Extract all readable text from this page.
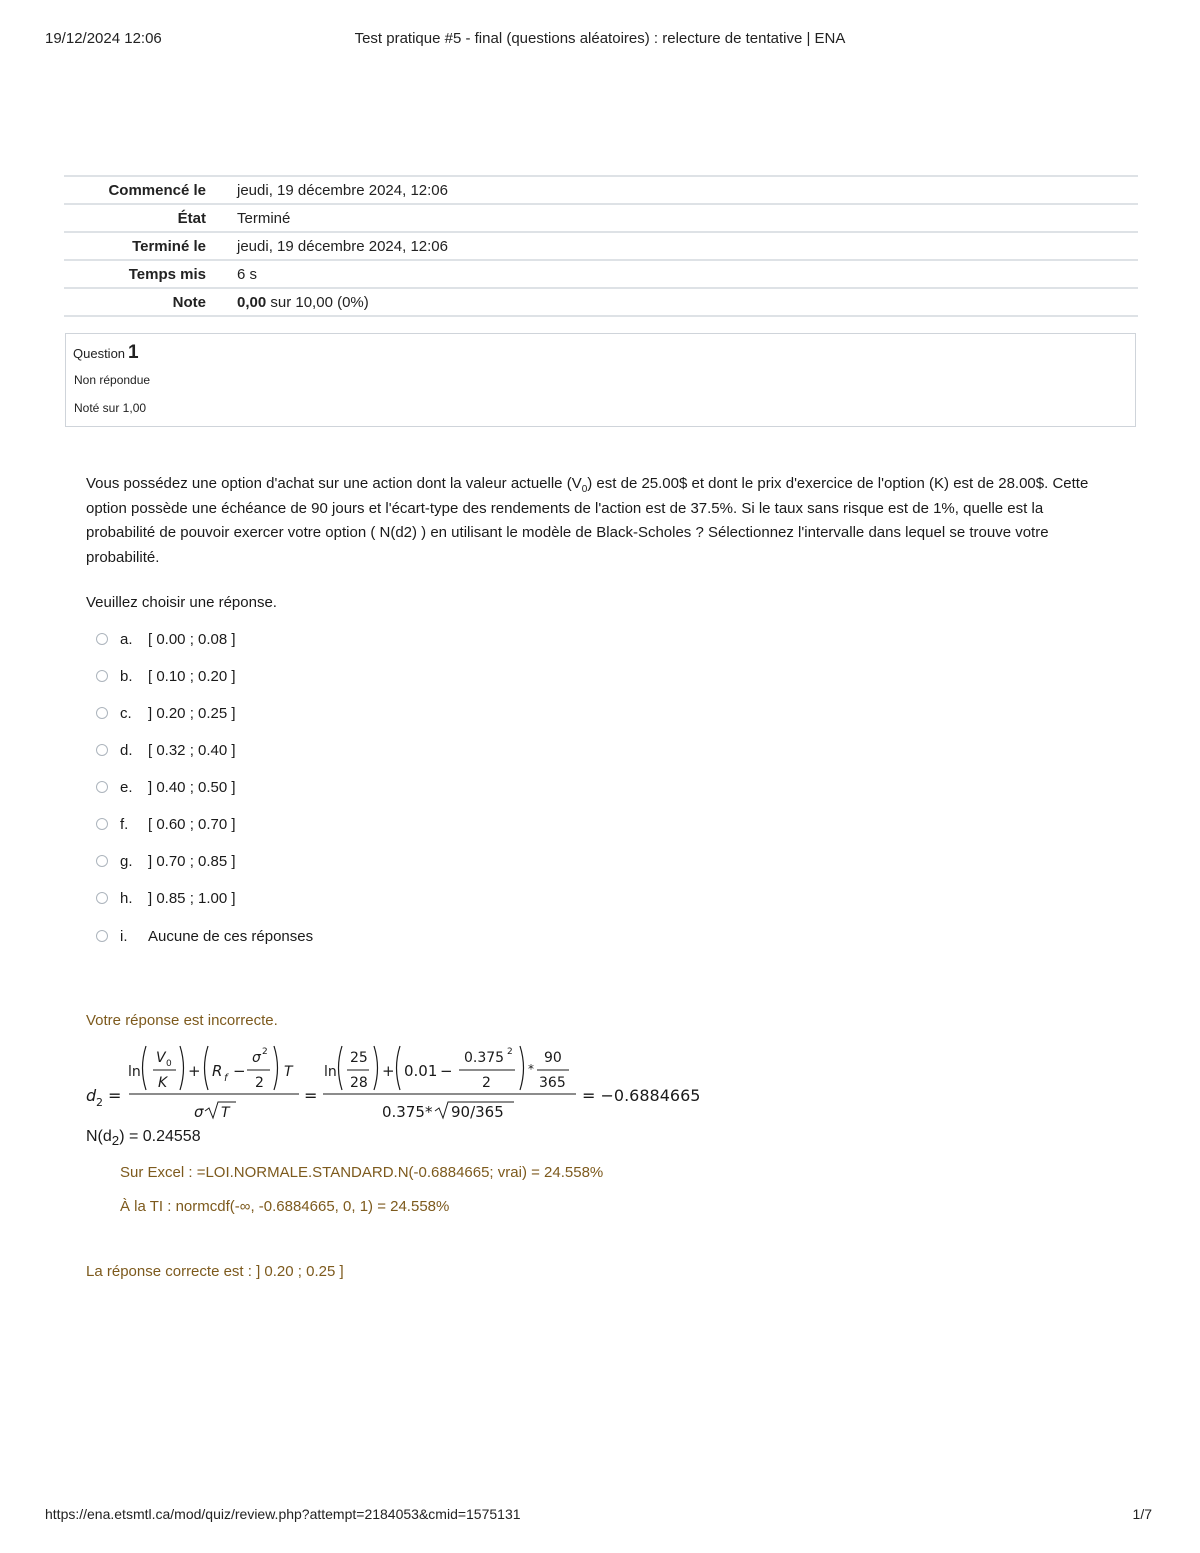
19/12/2024 12:06	Test pratique #5 - final (questions aléatoires) : relecture de tentative | ENA
Commencé le	jeudi, 19 décembre 2024, 12:06
État	Terminé
Terminé le	jeudi, 19 décembre 2024, 12:06
Temps mis	6 s
Note	0,00 sur 10,00 (0%)
Question 1
Non répondue
Noté sur 1,00
Vous possédez une option d'achat sur une action dont la valeur actuelle $(V_0)$ est de 25.00$ et dont le prix d'exercice de l'option (K) est de 28.00$. Cette option possède une échéance de 90 jours et l'écart-type des rendements de l'action est de 37.5%. Si le taux sans risque est de 1%, quelle est la probabilité de pouvoir exercer votre option ( N(d2) ) en utilisant le modèle de Black-Scholes ? Sélectionnez l'intervalle dans lequel se trouve votre probabilité.
Veuillez choisir une réponse.
a.	[ 0.00 ; 0.08 ]
b.	[ 0.10 ; 0.20 ]
c.	] 0.20 ; 0.25 ]
d.	[ 0.32 ; 0.40 ]
e.	] 0.40 ; 0.50 ]
f.	[ 0.60 ; 0.70 ]
g.	] 0.70 ; 0.85 ]
h.	] 0.85 ; 1.00 ]
i.	Aucune de ces réponses
Votre réponse est incorrecte.
d 2 =
ln
V 0
K
+ R f −
σ 2
2
T
σ T
=
ln
25
28
+ 0.01 −
0.375 2
2
*
90
365
0.375* 90/365
= −0.6884665
$N(d_2) = 0.24558$
Sur Excel : =LOI.NORMALE.STANDARD.N(-0.6884665; vrai) = 24.558%
À la TI : normcdf(-∞, -0.6884665, 0, 1) = 24.558%
La réponse correcte est : ] 0.20 ; 0.25 ]
https://ena.etsmtl.ca/mod/quiz/review.php?attempt=2184053&cmid=1575131	1/7
